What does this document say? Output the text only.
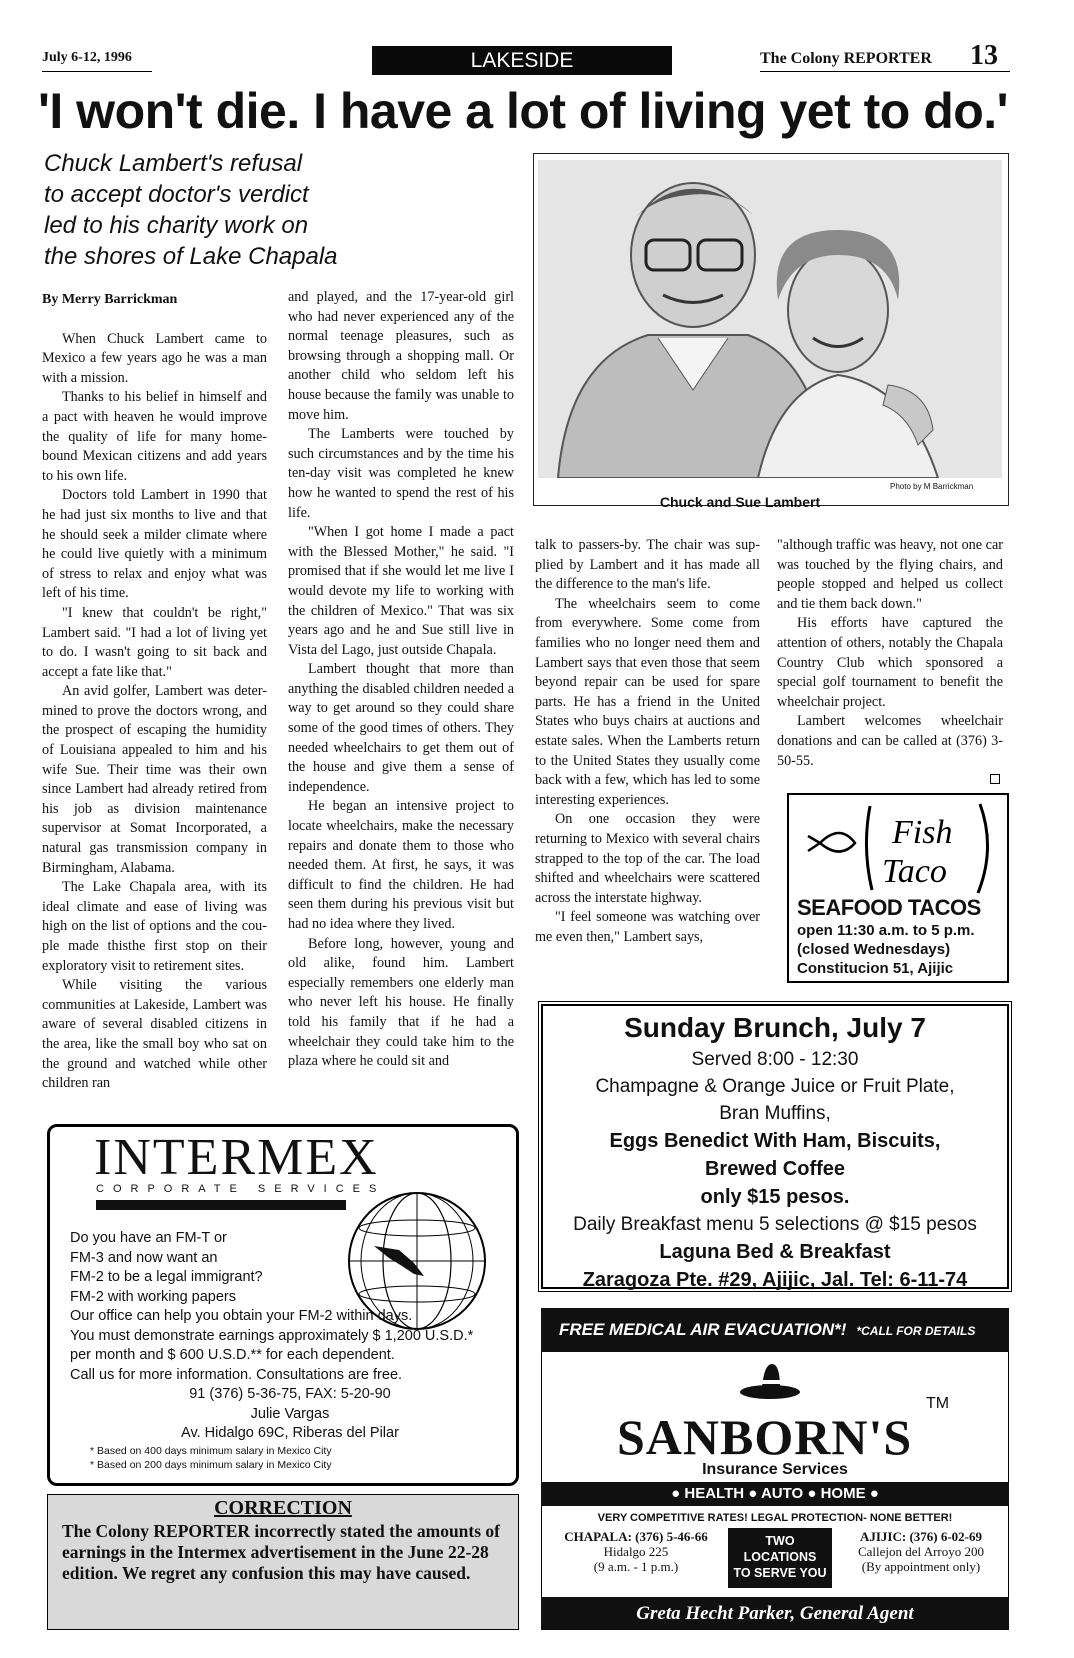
July 6-12, 1996	LAKESIDE	The Colony REPORTER 13
'I won't die. I have a lot of living yet to do.'
Chuck Lambert's refusal
to accept doctor's verdict
led to his charity work on
the shores of Lake Chapala

By Merry Barrickman

When Chuck Lambert came to Mexico a few years ago he was a man with a mission.

Thanks to his belief in himself and a pact with heaven he would improve the quality of life for many home-bound Mexican citizens and add years to his own life.

Doctors told Lambert in 1990 that he had just six months to live and that he should seek a milder climate where he could live quietly with a minimum of stress to relax and enjoy what was left of his time.

"I knew that couldn't be right," Lambert said. "I had a lot of living yet to do. I wasn't going to sit back and accept a fate like that."

An avid golfer, Lambert was deter-mined to prove the doctors wrong, and the prospect of escaping the humidity of Louisiana appealed to him and his wife Sue. Their time was their own since Lambert had already retired from his job as division maintenance supervisor at Somat Incorporated, a natural gas transmission company in Birmingham, Alabama.

The Lake Chapala area, with its ideal climate and ease of living was high on the list of options and the cou-ple made thisthe first stop on their exploratory visit to retirement sites.

While visiting the various communities at Lakeside, Lambert was aware of several disabled citizens in the area, like the small boy who sat on the ground and watched while other children ran

and played, and the 17-year-old girl who had never experienced any of the normal teenage pleasures, such as browsing through a shopping mall. Or another child who seldom left his house because the family was unable to move him.

The Lamberts were touched by such circumstances and by the time his ten-day visit was completed he knew how he wanted to spend the rest of his life.

"When I got home I made a pact with the Blessed Mother," he said. "I promised that if she would let me live I would devote my life to working with the children of Mexico." That was six years ago and he and Sue still live in Vista del Lago, just outside Chapala.

Lambert thought that more than anything the disabled children needed a way to get around so they could share some of the good times of others. They needed wheelchairs to get them out of the house and give them a sense of independence.

He began an intensive project to locate wheelchairs, make the necessary repairs and donate them to those who needed them. At first, he says, it was difficult to find the children. He had seen them during his previous visit but had no idea where they lived.

Before long, however, young and old alike, found him. Lambert especially remembers one elderly man who never left his house. He finally told his family that if he had a wheelchair they could take him to the plaza where he could sit and

Photo by M Barrickman
Chuck and Sue Lambert

talk to passers-by. The chair was sup-plied by Lambert and it has made all the difference to the man's life.

The wheelchairs seem to come from everywhere. Some come from families who no longer need them and Lambert says that even those that seem beyond repair can be used for spare parts. He has a friend in the United States who buys chairs at auctions and estate sales. When the Lamberts return to the United States they usually come back with a few, which has led to some interesting experiences.

On one occasion they were returning to Mexico with several chairs strapped to the top of the car. The load shifted and wheelchairs were scattered across the interstate highway.

"I feel someone was watching over me even then," Lambert says,

"although traffic was heavy, not one car was touched by the flying chairs, and people stopped and helped us collect and tie them back down."

His efforts have captured the attention of others, notably the Chapala Country Club which sponsored a special golf tournament to benefit the wheelchair project.

Lambert welcomes wheelchair donations and can be called at (376) 3-50-55.

Fish
Taco
SEAFOOD TACOS
open 11:30 a.m. to 5 p.m.
(closed Wednesdays)
Constitucion 51, Ajijic
Sunday Brunch, July 7
Served 8:00 - 12:30
Champagne & Orange Juice or Fruit Plate,
Bran Muffins,
Eggs Benedict With Ham, Biscuits,
Brewed Coffee
only $15 pesos.
Daily Breakfast menu 5 selections @ $15 pesos
Laguna Bed & Breakfast
Zaragoza Pte. #29, Ajijic, Jal. Tel: 6-11-74
INTERMEX
CORPORATE SERVICES
Do you have an FM-T or
FM-3 and now want an
FM-2 to be a legal immigrant?
FM-2 with working papers
Our office can help you obtain your FM-2 within days.
You must demonstrate earnings approximately $ 1,200 U.S.D.*
per month and $ 600 U.S.D.** for each dependent.
Call us for more information. Consultations are free.
91 (376) 5-36-75, FAX: 5-20-90
Julie Vargas
Av. Hidalgo 69C, Riberas del Pilar
* Based on 400 days minimum salary in Mexico City
* Based on 200 days minimum salary in Mexico City
CORRECTION
The Colony REPORTER incorrectly stated the amounts of earnings in the Intermex advertisement in the June 22-28 edition. We regret any confusion this may have caused.
FREE MEDICAL AIR EVACUATION*! *CALL FOR DETAILS
SANBORN'S
TM
Insurance Services
● HEALTH ● AUTO ● HOME ●
VERY COMPETITIVE RATES! LEGAL PROTECTION- NONE BETTER!
CHAPALA: (376) 5-46-66
Hidalgo 225
(9 a.m. - 1 p.m.)
TWO
LOCATIONS
TO SERVE YOU
AJIJIC: (376) 6-02-69
Callejon del Arroyo 200
(By appointment only)
Greta Hecht Parker, General Agent
